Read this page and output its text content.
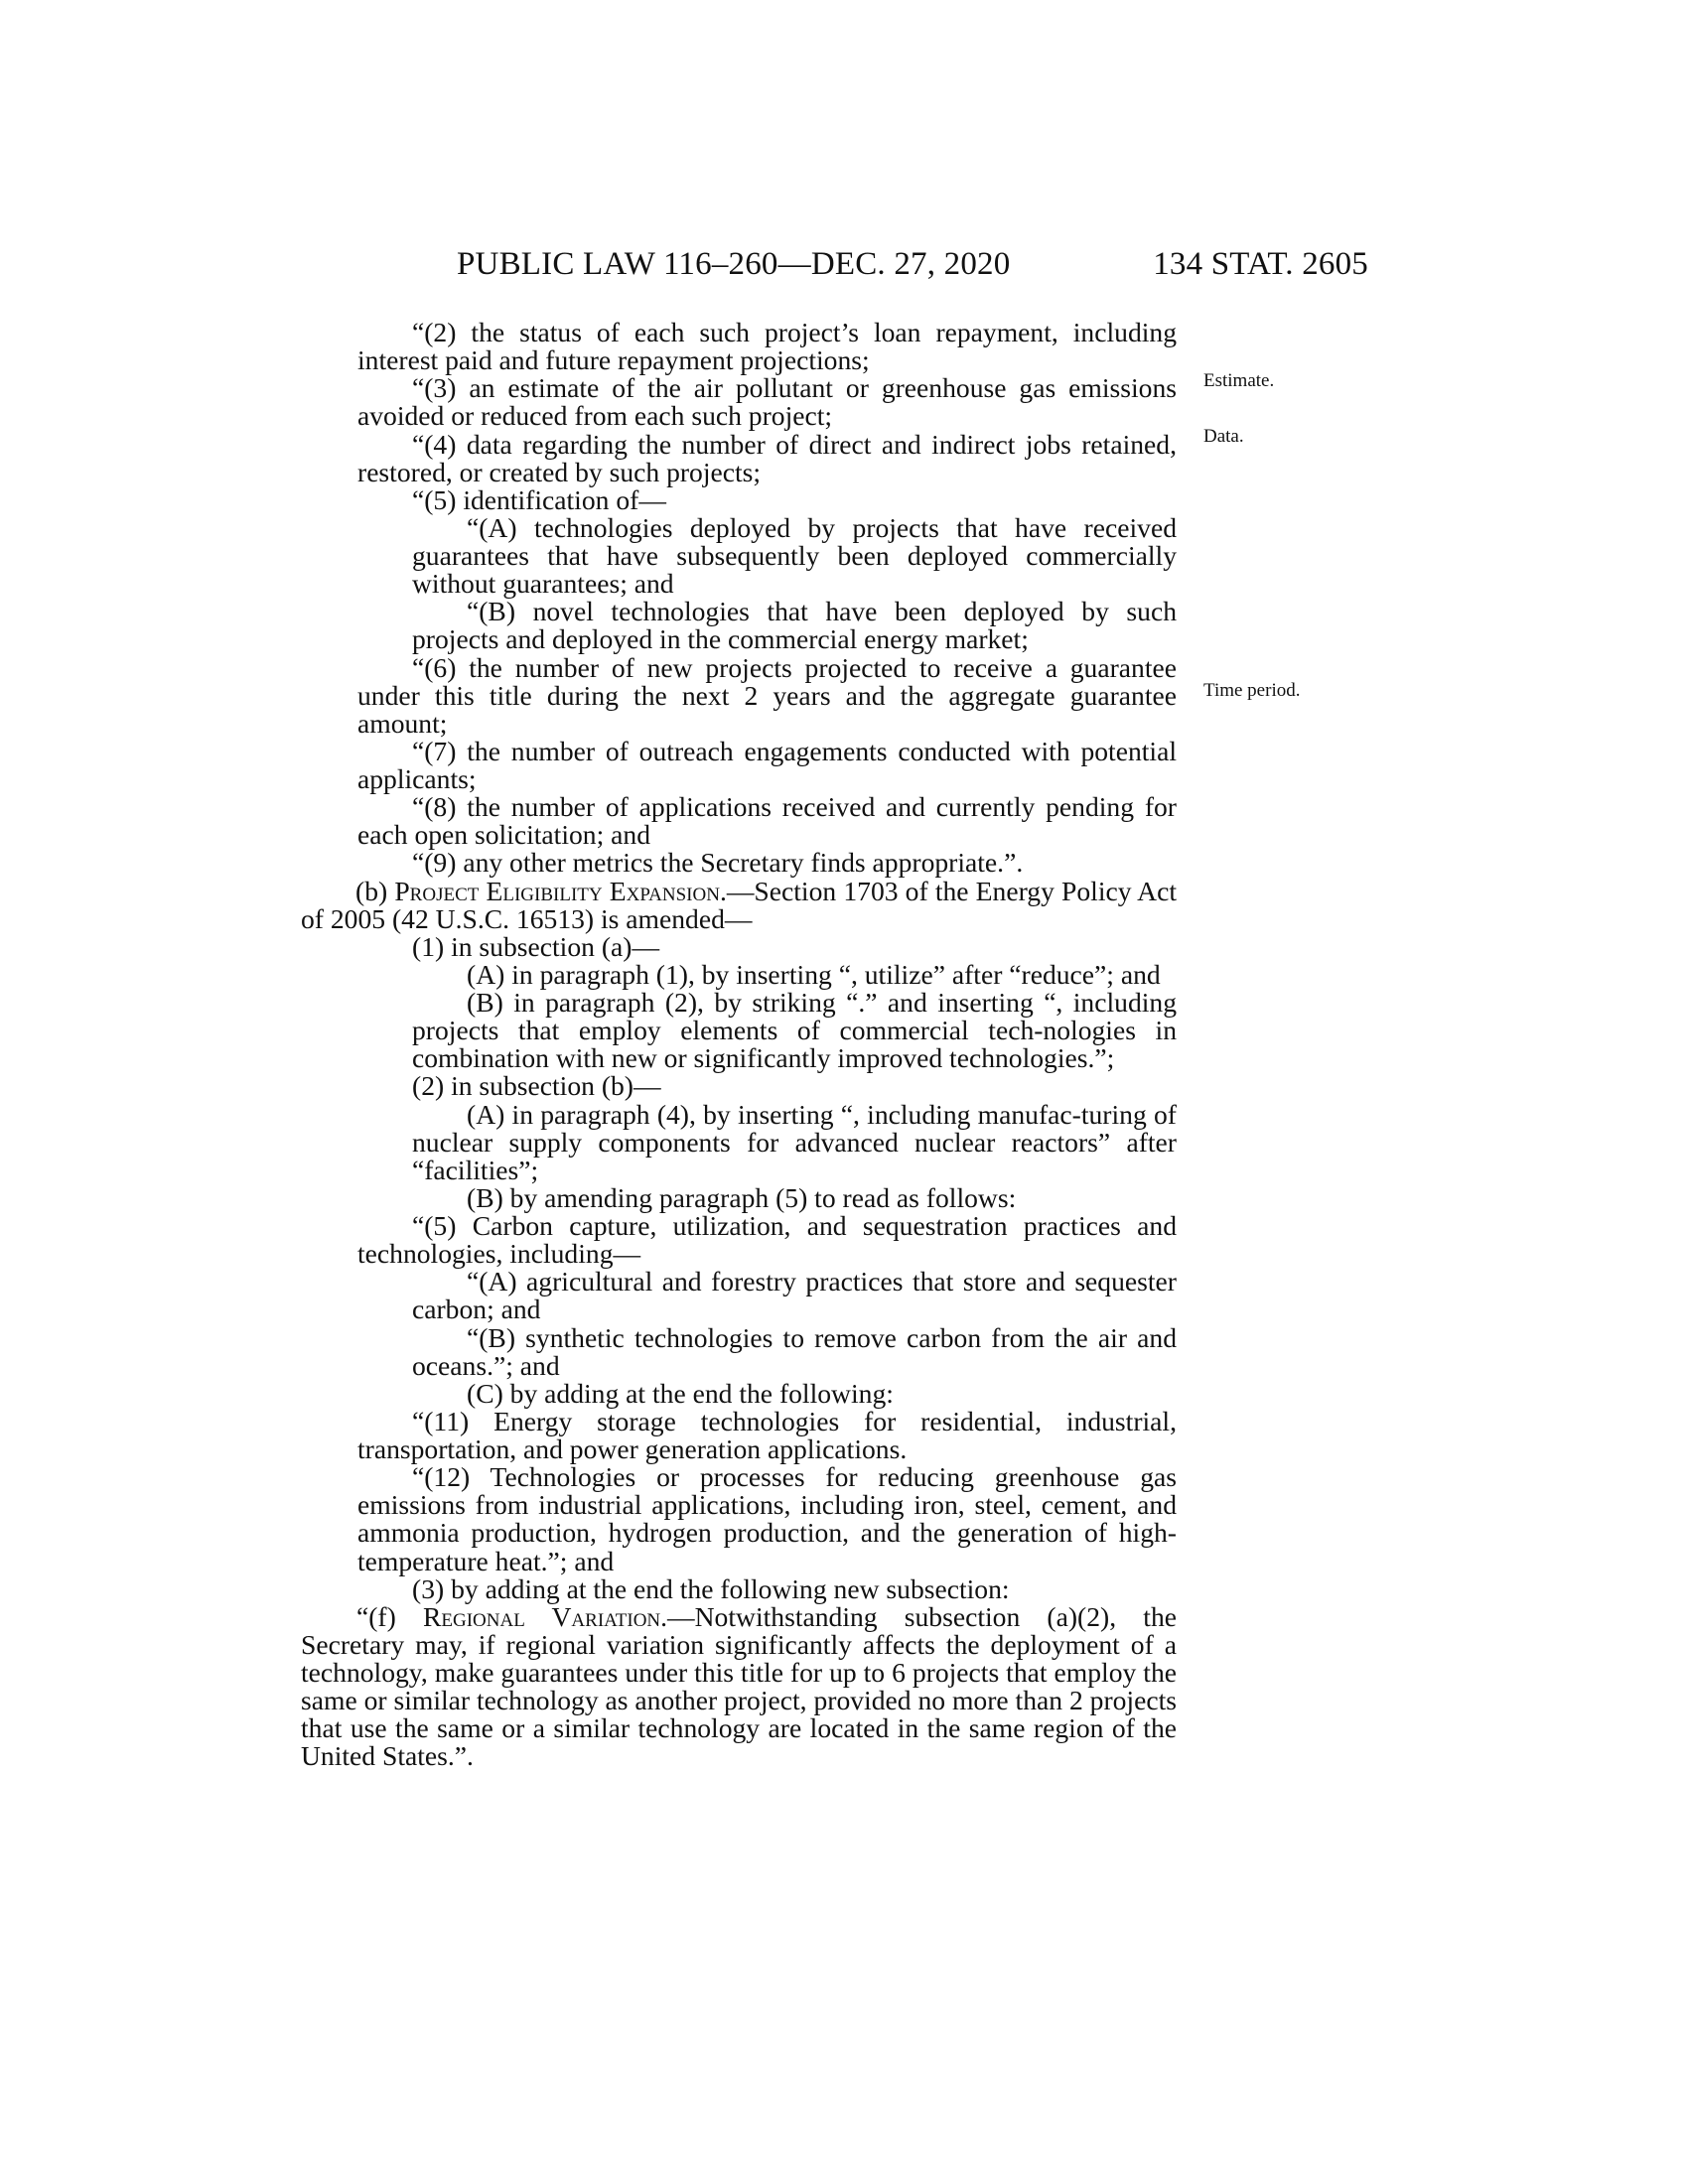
PUBLIC LAW 116–260—DEC. 27, 2020	134 STAT. 2605
Estimate.
Data.
Time period.

“(2) the status of each such project’s loan repayment, including interest paid and future repayment projections;

“(3) an estimate of the air pollutant or greenhouse gas emissions avoided or reduced from each such project;

“(4) data regarding the number of direct and indirect jobs retained, restored, or created by such projects;

“(5) identification of—

“(A) technologies deployed by projects that have received guarantees that have subsequently been deployed commercially without guarantees; and

“(B) novel technologies that have been deployed by such projects and deployed in the commercial energy market;

“(6) the number of new projects projected to receive a guarantee under this title during the next 2 years and the aggregate guarantee amount;

“(7) the number of outreach engagements conducted with potential applicants;

“(8) the number of applications received and currently pending for each open solicitation; and

“(9) any other metrics the Secretary finds appropriate.”.

(b) Project Eligibility Expansion.—Section 1703 of the Energy Policy Act of 2005 (42 U.S.C. 16513) is amended—

(1) in subsection (a)—

(A) in paragraph (1), by inserting “, utilize” after “reduce”; and

(B) in paragraph (2), by striking “.” and inserting “, including projects that employ elements of commercial tech-nologies in combination with new or significantly improved technologies.”;

(2) in subsection (b)—

(A) in paragraph (4), by inserting “, including manufac-turing of nuclear supply components for advanced nuclear reactors” after “facilities”;

(B) by amending paragraph (5) to read as follows:

“(5) Carbon capture, utilization, and sequestration practices and technologies, including—

“(A) agricultural and forestry practices that store and sequester carbon; and

“(B) synthetic technologies to remove carbon from the air and oceans.”; and

(C) by adding at the end the following:

“(11) Energy storage technologies for residential, industrial, transportation, and power generation applications.

“(12) Technologies or processes for reducing greenhouse gas emissions from industrial applications, including iron, steel, cement, and ammonia production, hydrogen production, and the generation of high-temperature heat.”; and

(3) by adding at the end the following new subsection:

“(f) Regional Variation.—Notwithstanding subsection (a)(2), the Secretary may, if regional variation significantly affects the deployment of a technology, make guarantees under this title for up to 6 projects that employ the same or similar technology as another project, provided no more than 2 projects that use the same or a similar technology are located in the same region of the United States.”.
